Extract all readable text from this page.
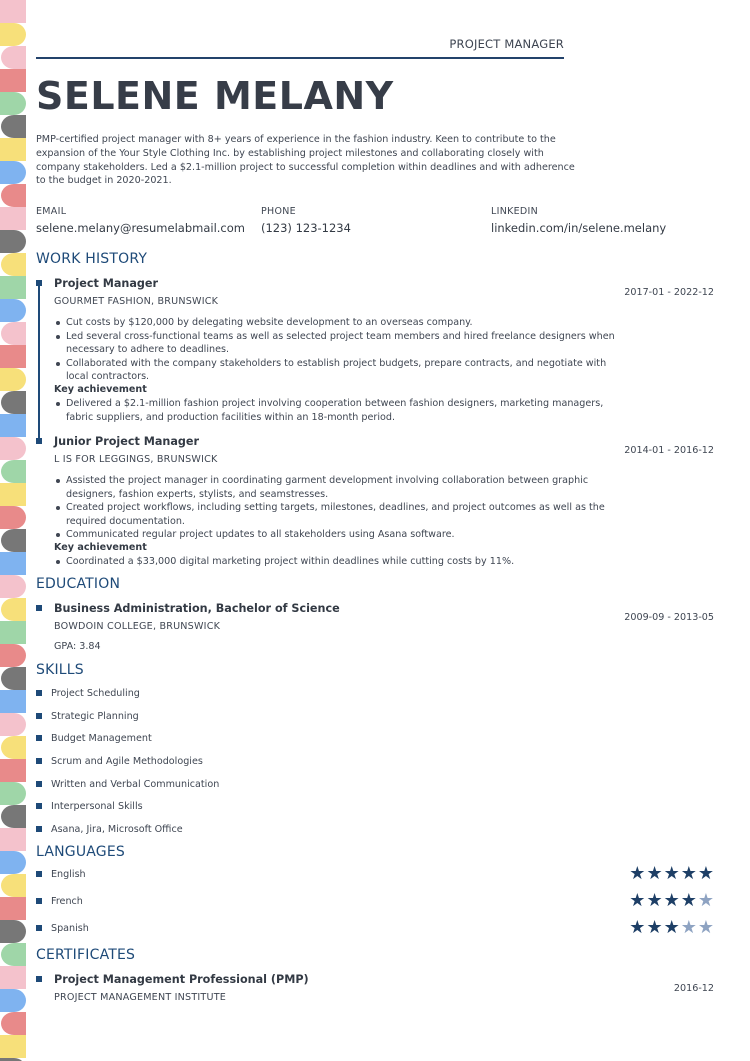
PROJECT MANAGER
SELENE MELANY
PMP-certified project manager with 8+ years of experience in the fashion industry. Keen to contribute to the expansion of the Your Style Clothing Inc. by establishing project milestones and collaborating closely with company stakeholders. Led a $2.1-million project to successful completion within deadlines and with adherence to the budget in 2020-2021.
EMAIL
selene.melany@resumelabmail.com
PHONE
(123) 123-1234
LINKEDIN
linkedin.com/in/selene.melany
WORK HISTORY
Project Manager
GOURMET FASHION, BRUNSWICK
2017-01 - 2022-12
Cut costs by $120,000 by delegating website development to an overseas company.
Led several cross-functional teams as well as selected project team members and hired freelance designers when necessary to adhere to deadlines.
Collaborated with the company stakeholders to establish project budgets, prepare contracts, and negotiate with local contractors.
Key achievement
Delivered a $2.1-million fashion project involving cooperation between fashion designers, marketing managers, fabric suppliers, and production facilities within an 18-month period.
Junior Project Manager
L IS FOR LEGGINGS, BRUNSWICK
2014-01 - 2016-12
Assisted the project manager in coordinating garment development involving collaboration between graphic designers, fashion experts, stylists, and seamstresses.
Created project workflows, including setting targets, milestones, deadlines, and project outcomes as well as the required documentation.
Communicated regular project updates to all stakeholders using Asana software.
Key achievement
Coordinated a $33,000 digital marketing project within deadlines while cutting costs by 11%.
EDUCATION
Business Administration, Bachelor of Science
BOWDOIN COLLEGE, BRUNSWICK
2009-09 - 2013-05
GPA: 3.84
SKILLS
Project Scheduling
Strategic Planning
Budget Management
Scrum and Agile Methodologies
Written and Verbal Communication
Interpersonal Skills
Asana, Jira, Microsoft Office
LANGUAGES
English	★ ★ ★ ★ ★
French	★ ★ ★ ★ ★
Spanish	★ ★ ★ ★ ★
CERTIFICATES
Project Management Professional (PMP)
PROJECT MANAGEMENT INSTITUTE
2016-12
